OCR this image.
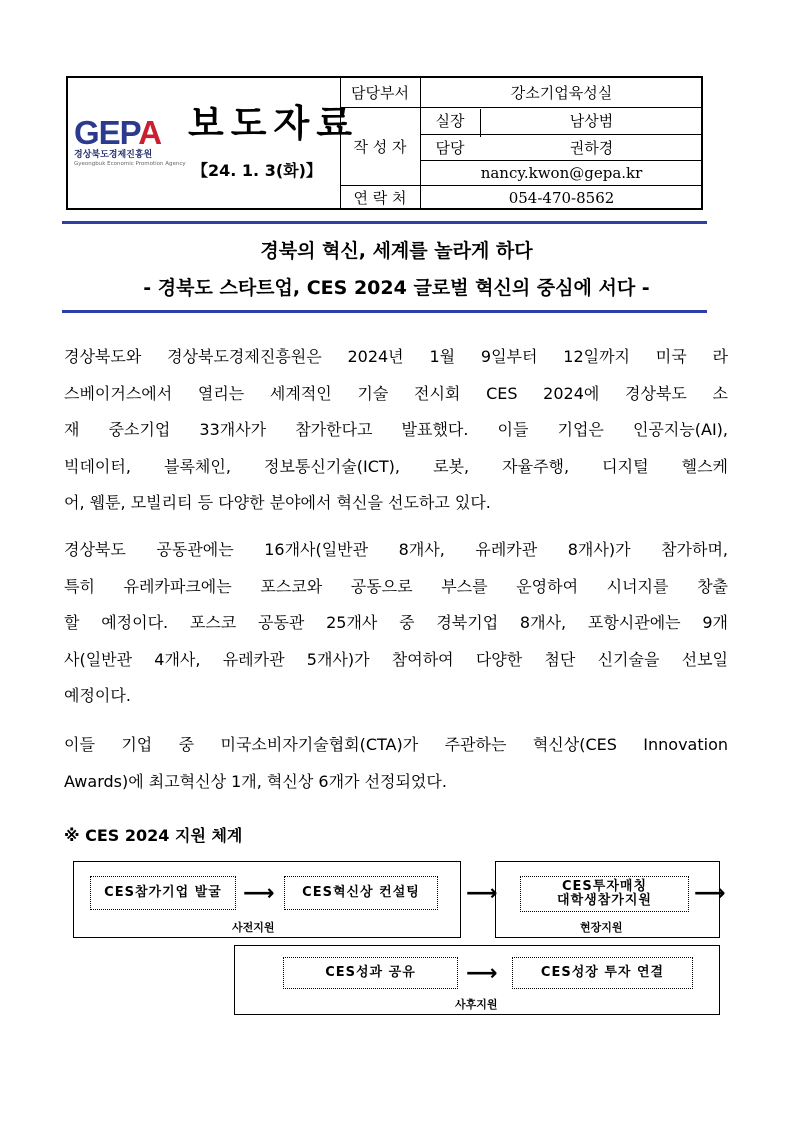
GEPA
경상북도경제진흥원
Gyeongbuk Economic Promotion Agency
보도자료
【24. 1. 3(화)】
담당부서	강소기업육성실
작 성 자
실장	남상범
담당	권하경
nancy.kwon@gepa.kr
연 락 처	054-470-8562
경북의 혁신, 세계를 놀라게 하다
- 경북도 스타트업, CES 2024 글로벌 혁신의 중심에 서다 -
경상북도와 경상북도경제진흥원은 2024년 1월 9일부터 12일까지 미국 라
스베이거스에서 열리는 세계적인 기술 전시회 CES 2024에 경상북도 소
재 중소기업 33개사가 참가한다고 발표했다. 이들 기업은 인공지능(AI),
빅데이터, 블록체인, 정보통신기술(ICT), 로봇, 자율주행, 디지털 헬스케
어, 웹툰, 모빌리티 등 다양한 분야에서 혁신을 선도하고 있다.
경상북도 공동관에는 16개사(일반관 8개사, 유레카관 8개사)가 참가하며,
특히 유레카파크에는 포스코와 공동으로 부스를 운영하여 시너지를 창출
할 예정이다. 포스코 공동관 25개사 중 경북기업 8개사, 포항시관에는 9개
사(일반관 4개사, 유레카관 5개사)가 참여하여 다양한 첨단 신기술을 선보일
예정이다.
이들 기업 중 미국소비자기술협회(CTA)가 주관하는 혁신상(CES Innovation
Awards)에 최고혁신상 1개, 혁신상 6개가 선정되었다.
※ CES 2024 지원 체계
CES참가기업 발굴 ⟶	CES혁신상 컨설팅	⟶	CES투자매칭
대학생참가지원 ⟶
사전지원	현장지원
CES성과 공유	⟶	CES성장 투자 연결
사후지원
